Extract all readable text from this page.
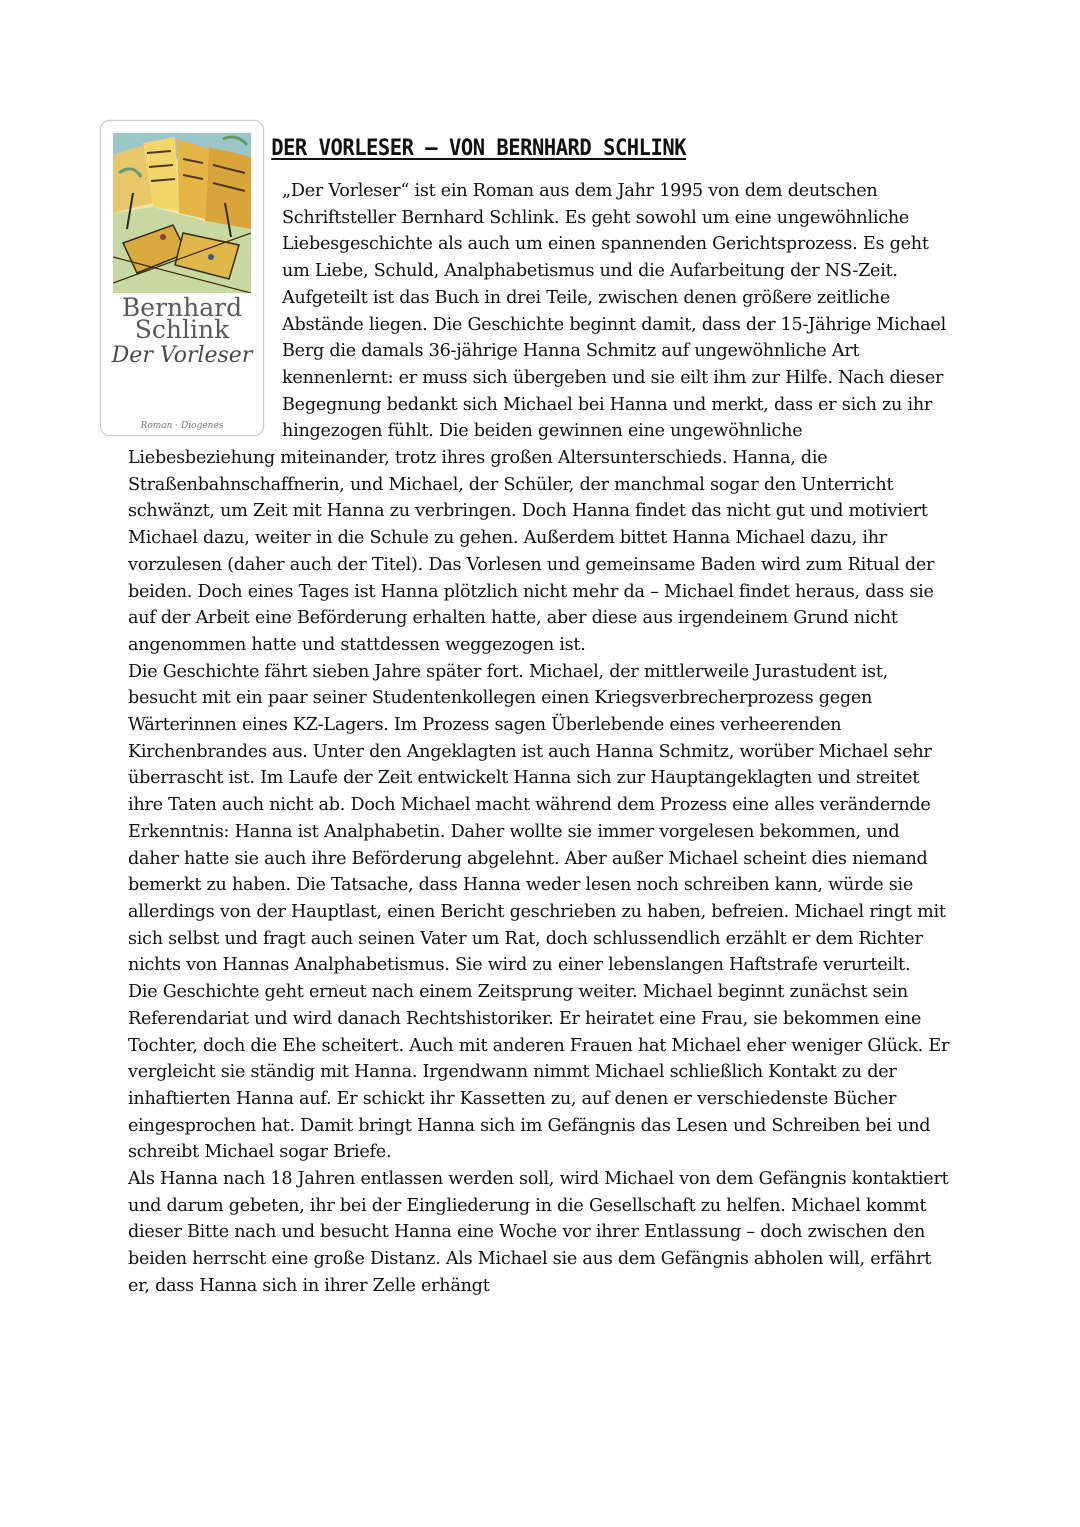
Bernhard
Schlink
Der Vorleser
Roman · Diogenes
DER VORLESER – VON BERNHARD SCHLINK

„Der Vorleser“ ist ein Roman aus dem Jahr 1995 von dem deutschen Schriftsteller Bernhard Schlink. Es geht sowohl um eine ungewöhnliche Liebesgeschichte als auch um einen spannenden Gerichtsprozess. Es geht um Liebe, Schuld, Analphabetismus und die Aufarbeitung der NS-Zeit.

Aufgeteilt ist das Buch in drei Teile, zwischen denen größere zeitliche Abstände liegen. Die Geschichte beginnt damit, dass der 15-Jährige Michael Berg die damals 36-jährige Hanna Schmitz auf ungewöhnliche Art kennenlernt: er muss sich übergeben und sie eilt ihm zur Hilfe. Nach dieser Begegnung bedankt sich Michael bei Hanna und merkt, dass er sich zu ihr hingezogen fühlt. Die beiden gewinnen eine ungewöhnliche Liebesbeziehung miteinander, trotz ihres großen Altersunterschieds. Hanna, die Straßenbahnschaffnerin, und Michael, der Schüler, der manchmal sogar den Unterricht schwänzt, um Zeit mit Hanna zu verbringen. Doch Hanna findet das nicht gut und motiviert Michael dazu, weiter in die Schule zu gehen. Außerdem bittet Hanna Michael dazu, ihr vorzulesen (daher auch der Titel). Das Vorlesen und gemeinsame Baden wird zum Ritual der beiden. Doch eines Tages ist Hanna plötzlich nicht mehr da – Michael findet heraus, dass sie auf der Arbeit eine Beförderung erhalten hatte, aber diese aus irgendeinem Grund nicht angenommen hatte und stattdessen weggezogen ist.

Die Geschichte fährt sieben Jahre später fort. Michael, der mittlerweile Jurastudent ist, besucht mit ein paar seiner Studentenkollegen einen Kriegsverbrecherprozess gegen Wärterinnen eines KZ-Lagers. Im Prozess sagen Überlebende eines verheerenden Kirchenbrandes aus. Unter den Angeklagten ist auch Hanna Schmitz, worüber Michael sehr überrascht ist. Im Laufe der Zeit entwickelt Hanna sich zur Hauptangeklagten und streitet ihre Taten auch nicht ab. Doch Michael macht während dem Prozess eine alles verändernde Erkenntnis: Hanna ist Analphabetin. Daher wollte sie immer vorgelesen bekommen, und daher hatte sie auch ihre Beförderung abgelehnt. Aber außer Michael scheint dies niemand bemerkt zu haben. Die Tatsache, dass Hanna weder lesen noch schreiben kann, würde sie allerdings von der Hauptlast, einen Bericht geschrieben zu haben, befreien. Michael ringt mit sich selbst und fragt auch seinen Vater um Rat, doch schlussendlich erzählt er dem Richter nichts von Hannas Analphabetismus. Sie wird zu einer lebenslangen Haftstrafe verurteilt.

Die Geschichte geht erneut nach einem Zeitsprung weiter. Michael beginnt zunächst sein Referendariat und wird danach Rechtshistoriker. Er heiratet eine Frau, sie bekommen eine Tochter, doch die Ehe scheitert. Auch mit anderen Frauen hat Michael eher weniger Glück. Er vergleicht sie ständig mit Hanna. Irgendwann nimmt Michael schließlich Kontakt zu der inhaftierten Hanna auf. Er schickt ihr Kassetten zu, auf denen er verschiedenste Bücher eingesprochen hat. Damit bringt Hanna sich im Gefängnis das Lesen und Schreiben bei und schreibt Michael sogar Briefe.

Als Hanna nach 18 Jahren entlassen werden soll, wird Michael von dem Gefängnis kontaktiert und darum gebeten, ihr bei der Eingliederung in die Gesellschaft zu helfen. Michael kommt dieser Bitte nach und besucht Hanna eine Woche vor ihrer Entlassung – doch zwischen den beiden herrscht eine große Distanz. Als Michael sie aus dem Gefängnis abholen will, erfährt er, dass Hanna sich in ihrer Zelle erhängt
